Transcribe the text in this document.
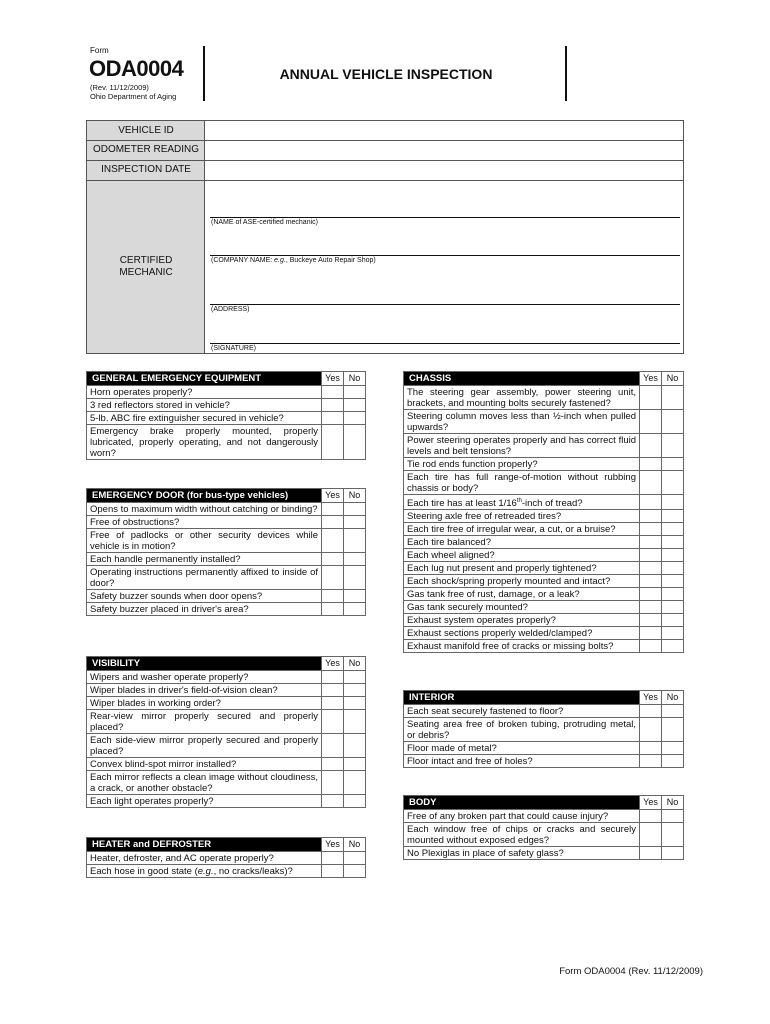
Form
ODA0004
(Rev. 11/12/2009)
Ohio Department of Aging
ANNUAL VEHICLE INSPECTION
VEHICLE ID
ODOMETER READING
INSPECTION DATE
CERTIFIED
MECHANIC
(NAME of ASE-certified mechanic)
(COMPANY NAME: e.g., Buckeye Auto Repair Shop)
(ADDRESS)
(SIGNATURE)
GENERAL EMERGENCY EQUIPMENT	Yes	No
Horn operates properly?		
3 red reflectors stored in vehicle?		
5-lb. ABC fire extinguisher secured in vehicle?		
Emergency brake properly mounted, properly lubricated, properly operating, and not dangerously worn?		
EMERGENCY DOOR (for bus-type vehicles)	Yes	No
Opens to maximum width without catching or binding?		
Free of obstructions?		
Free of padlocks or other security devices while vehicle is in motion?		
Each handle permanently installed?		
Operating instructions permanently affixed to inside of door?		
Safety buzzer sounds when door opens?		
Safety buzzer placed in driver's area?		
VISIBILITY	Yes	No
Wipers and washer operate properly?		
Wiper blades in driver's field-of-vision clean?		
Wiper blades in working order?		
Rear-view mirror properly secured and properly placed?		
Each side-view mirror properly secured and properly placed?		
Convex blind-spot mirror installed?		
Each mirror reflects a clean image without cloudiness, a crack, or another obstacle?		
Each light operates properly?		
HEATER and DEFROSTER	Yes	No
Heater, defroster, and AC operate properly?		
Each hose in good state (e.g., no cracks/leaks)?		
CHASSIS	Yes	No
The steering gear assembly, power steering unit, brackets, and mounting bolts securely fastened?		
Steering column moves less than ½-inch when pulled upwards?		
Power steering operates properly and has correct fluid levels and belt tensions?		
Tie rod ends function properly?		
Each tire has full range-of-motion without rubbing chassis or body?		
Each tire has at least 1/16th-inch of tread?		
Steering axle free of retreaded tires?		
Each tire free of irregular wear, a cut, or a bruise?		
Each tire balanced?		
Each wheel aligned?		
Each lug nut present and properly tightened?		
Each shock/spring properly mounted and intact?		
Gas tank free of rust, damage, or a leak?		
Gas tank securely mounted?		
Exhaust system operates properly?		
Exhaust sections properly welded/clamped?		
Exhaust manifold free of cracks or missing bolts?		
INTERIOR	Yes	No
Each seat securely fastened to floor?		
Seating area free of broken tubing, protruding metal, or debris?		
Floor made of metal?		
Floor intact and free of holes?		
BODY	Yes	No
Free of any broken part that could cause injury?		
Each window free of chips or cracks and securely mounted without exposed edges?		
No Plexiglas in place of safety glass?		
Form ODA0004 (Rev. 11/12/2009)
